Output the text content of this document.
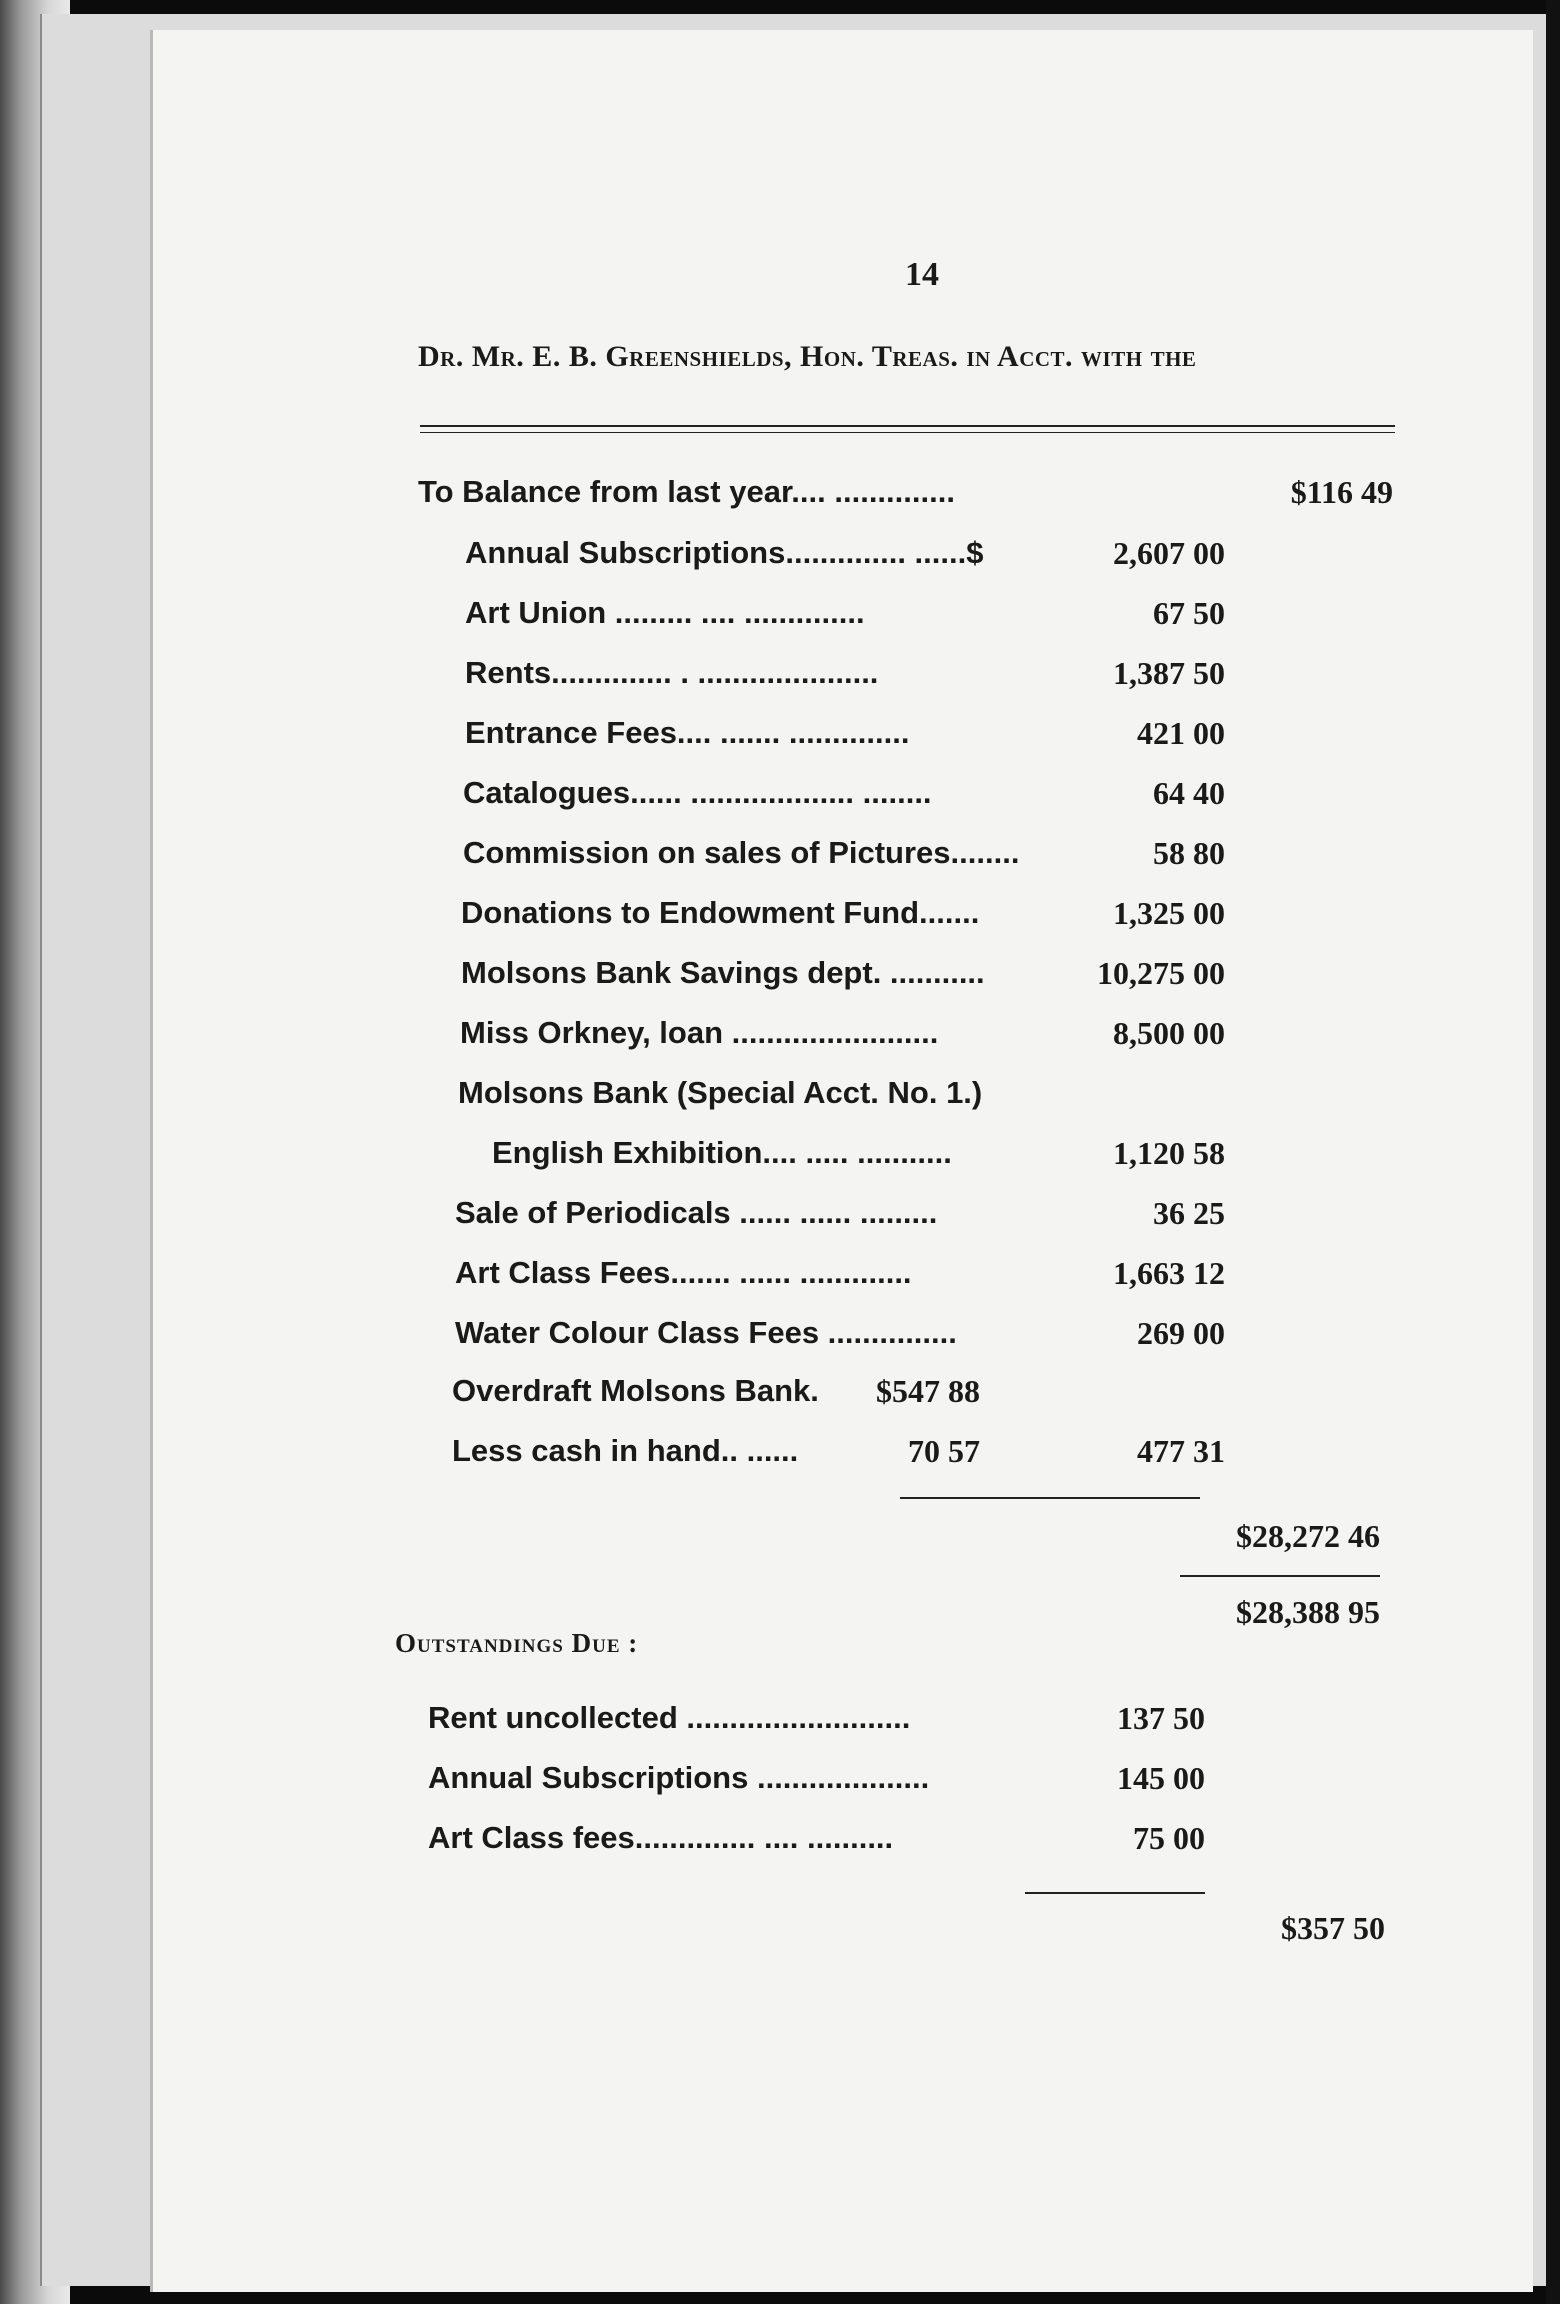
14
Dr. Mr. E. B. Greenshields, Hon. Treas. in Acct. with the
To Balance from last year.... ..............	$116 49
Annual Subscriptions.............. ......$	2,607 00
Art Union ......... .... ..............	67 50
Rents.............. . .....................	1,387 50
Entrance Fees.... ....... ..............	421 00
Catalogues...... ................... ........	64 40
Commission on sales of Pictures........	58 80
Donations to Endowment Fund.......	1,325 00
Molsons Bank Savings dept. ...........	10,275 00
Miss Orkney, loan ........................	8,500 00
Molsons Bank (Special Acct. No. 1.)
English Exhibition.... ..... ...........	1,120 58
Sale of Periodicals ...... ...... .........	36 25
Art Class Fees....... ...... .............	1,663 12
Water Colour Class Fees ...............	269 00
Overdraft Molsons Bank. $547 88
Less cash in hand.. ......	70 57	477 31
$28,272 46
$28,388 95
Outstandings Due :
Rent uncollected ..........................	137 50
Annual Subscriptions ....................	145 00
Art Class fees.............. .... ..........	75 00
$357 50
